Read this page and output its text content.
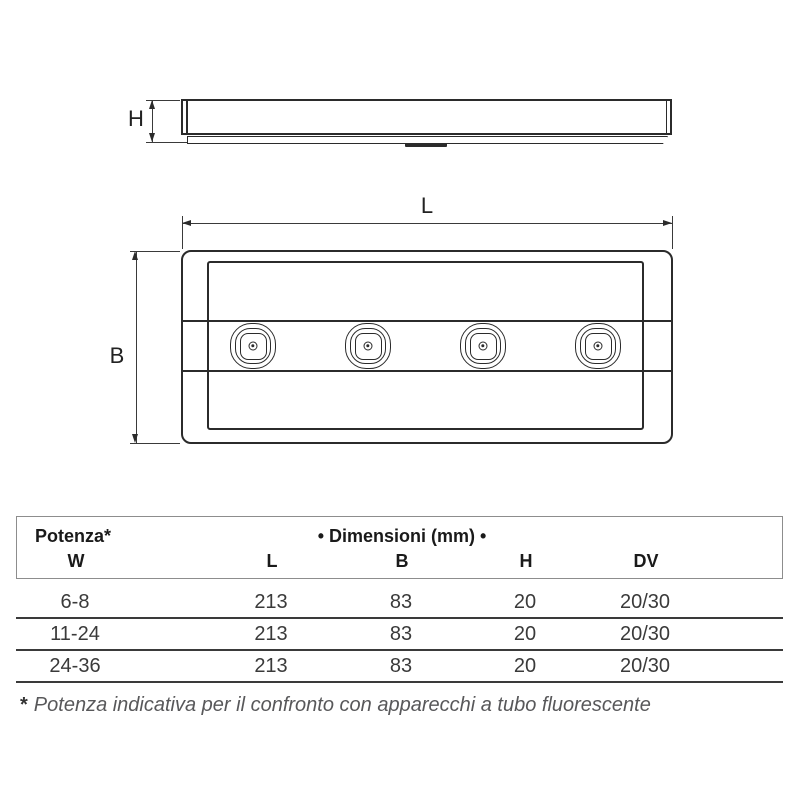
H
L
B
Potenza*	• Dimensioni (mm) •
W	L	B	H	DV
6-8	213	83	20	20/30
11-24	213	83	20	20/30
24-36	213	83	20	20/30
* Potenza indicativa per il confronto con apparecchi a tubo fluorescente
